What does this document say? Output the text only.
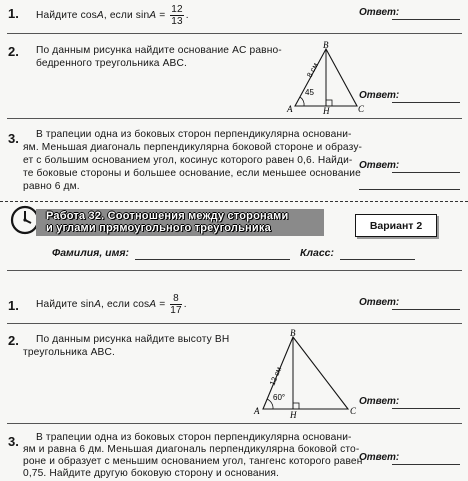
1. Найдите cosA, если $\sin A = \frac{12}{13}$ .	Ответ:
2. По данным рисунка найдите основание AC равно-
бедренного треугольника ABC.
B
A	H	C
45
8 см
Ответ:
3. В трапеции одна из боковых сторон перпендикулярна основани-
ям. Меньшая диагональ перпендикулярна боковой стороне и образу-
ет с большим основанием угол, косинус которого равен 0,6. Найди-
те боковые стороны и большее основание, если меньшее основание
равно 6 дм.
Ответ:
Работа 32. Соотношения между сторонами
и углами прямоугольного треугольника	Вариант 2
Фамилия, имя:	Класс:
1. Найдите sinA, если $\cos A = \frac{8}{17}$ .	Ответ:
2. По данным рисунка найдите высоту BH
треугольника ABC.
B
A	H	C
60°
12 см
Ответ:
3. В трапеции одна из боковых сторон перпендикулярна основани-
ям и равна 6 дм. Меньшая диагональ перпендикулярна боковой сто-
роне и образует с меньшим основанием угол, тангенс которого равен
0,75. Найдите другую боковую сторону и основания.
Ответ:
